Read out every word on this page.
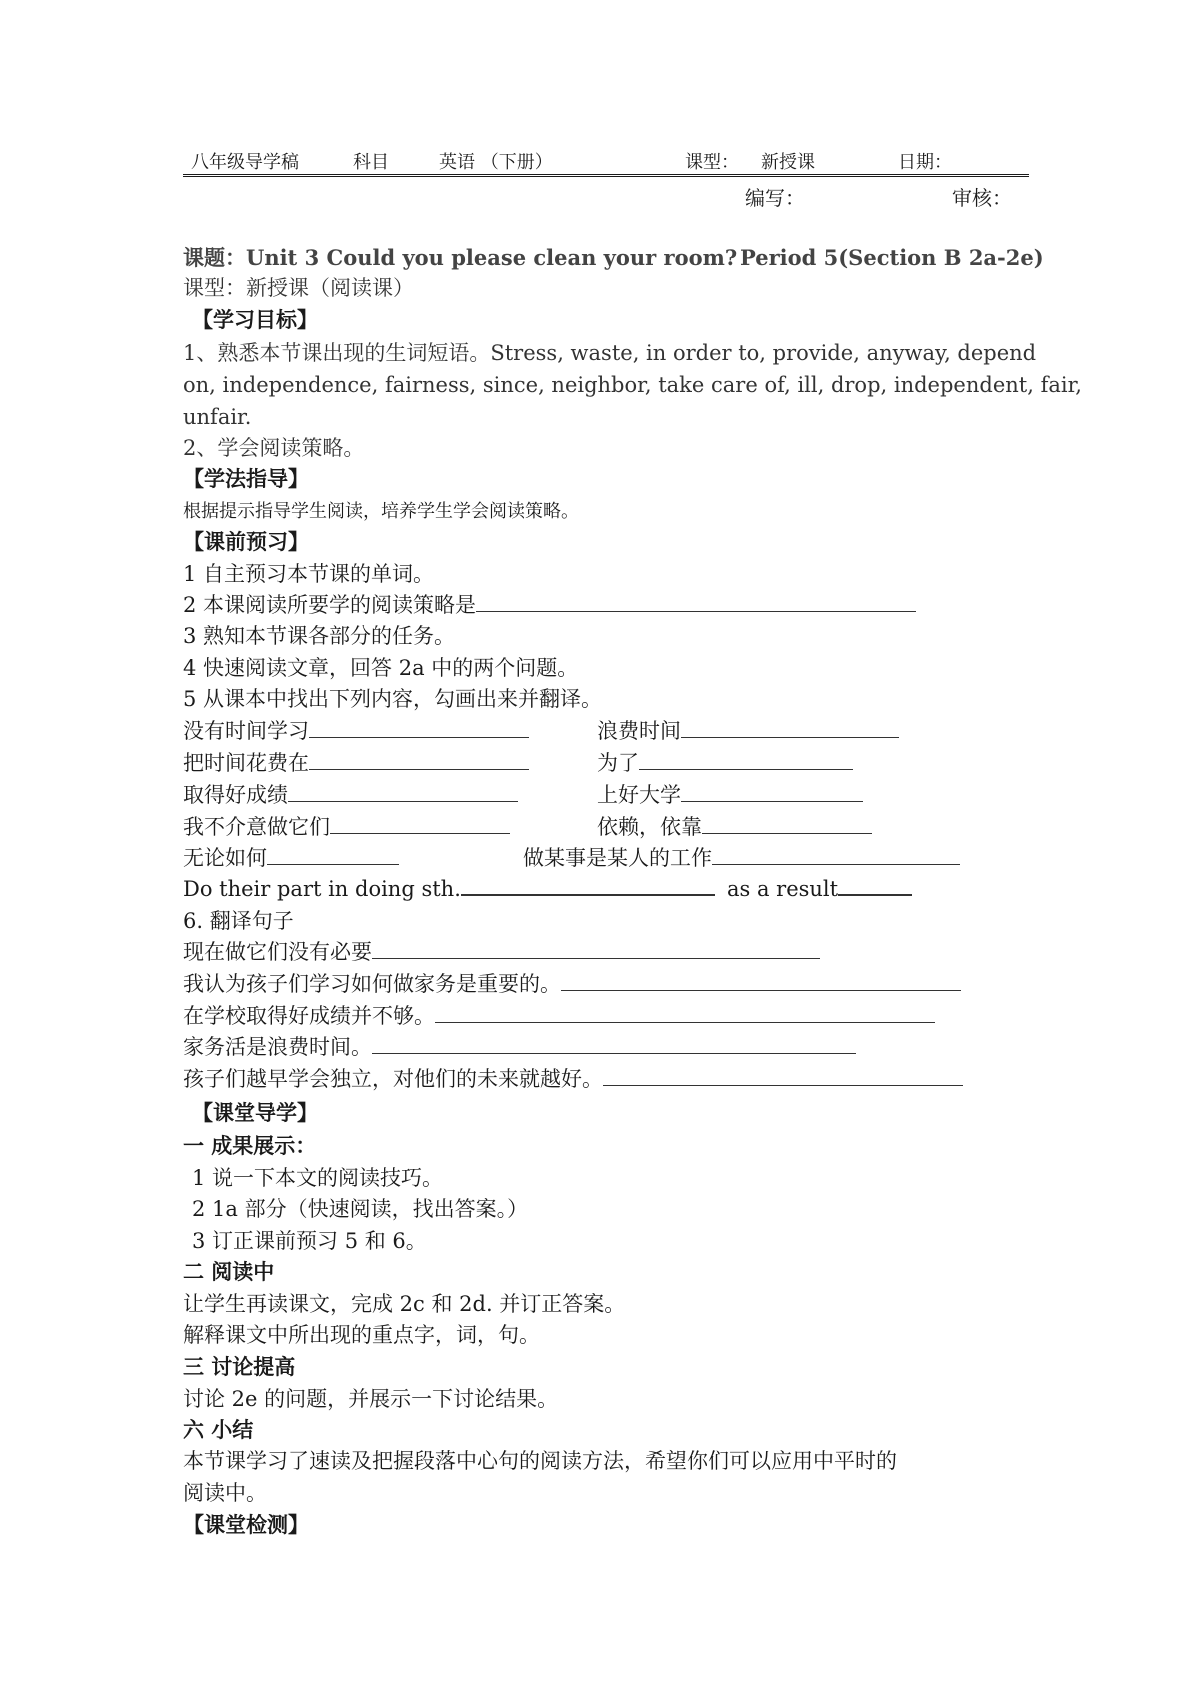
八年级导学稿	科目	英语 （下册）	课型： 新授课	日期：
编写：	审核：
课题：Unit 3 Could you please clean your room? Period 5(Section B 2a-2e)
课型：新授课（阅读课）
【学习目标】
1、熟悉本节课出现的生词短语。Stress, waste, in order to, provide, anyway, depend
on, independence, fairness, since, neighbor, take care of, ill, drop, independent, fair,
unfair.
2、学会阅读策略。
【学法指导】
根据提示指导学生阅读，培养学生学会阅读策略。
【课前预习】
1 自主预习本节课的单词。
2 本课阅读所要学的阅读策略是
3 熟知本节课各部分的任务。
4 快速阅读文章，回答 2a 中的两个问题。
5 从课本中找出下列内容，勾画出来并翻译。
没有时间学习	浪费时间
把时间花费在	为了
取得好成绩	上好大学
我不介意做它们	依赖，依靠
无论如何	做某事是某人的工作
Do their part in doing sth.	as a result
6. 翻译句子
现在做它们没有必要
我认为孩子们学习如何做家务是重要的。
在学校取得好成绩并不够。
家务活是浪费时间。
孩子们越早学会独立，对他们的未来就越好。
【课堂导学】
一 成果展示：
1 说一下本文的阅读技巧。
2 1a 部分（快速阅读，找出答案。）
3 订正课前预习 5 和 6。
二 阅读中
让学生再读课文，完成 2c 和 2d. 并订正答案。
解释课文中所出现的重点字，词，句。
三 讨论提高
讨论 2e 的问题，并展示一下讨论结果。
六 小结
本节课学习了速读及把握段落中心句的阅读方法，希望你们可以应用中平时的
阅读中。
【课堂检测】
